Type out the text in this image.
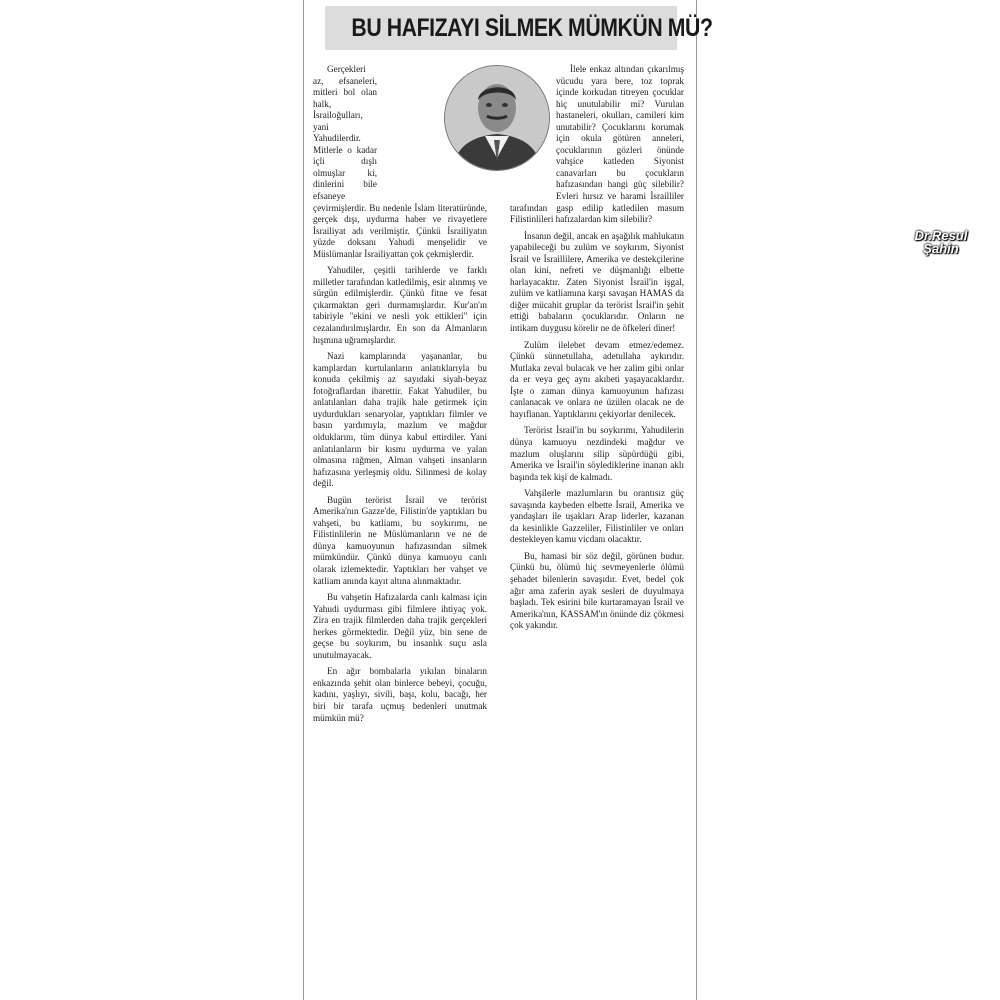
BU HAFIZAYI SİLMEK MÜMKÜN MÜ?

Gerçekleri az, efsaneleri, mitleri bol olan halk, İsrailoğulları, yani Yahudilerdir. Mitlerle o kadar içli dışlı olmuşlar ki, dinlerini bile efsaneye çevirmişlerdir. Bu nedenle İslam literatüründe, gerçek dışı, uydurma haber ve rivayetlere İsrailiyat adı verilmiştir. Çünkü İsrailiyatın yüzde doksanı Yahudi menşelidir ve Müslümanlar İsrailiyattan çok çekmişlerdir.

Yahudiler, çeşitli tarihlerde ve farklı milletler tarafından katledilmiş, esir alınmış ve sürgün edilmişlerdir. Çünkü fitne ve fesat çıkarmaktan geri durmamışlardır. Kur'an'ın tabiriyle "ekini ve nesli yok ettikleri" için cezalandırılmışlardır. En son da Almanların hışmına uğramışlardır.

Nazi kamplarında yaşananlar, bu kamplardan kurtulanların anlatıklarıyla bu konuda çekilmiş az sayıdaki siyah-beyaz fotoğraflardan ibarettir. Fakat Yahudiler, bu anlatılanları daha trajik hale getirmek için uydurdukları senaryolar, yaptıkları filmler ve basın yardımıyla, mazlum ve mağdur olduklarını, tüm dünya kabul ettirdiler. Yani anlatılanların bir kısmı uydurma ve yalan olmasına rağmen, Alman vahşeti insanların hafızasına yerleşmiş oldu. Silinmesi de kolay değil.

Bugün terörist İsrail ve terörist Amerika'nın Gazze'de, Filistin'de yaptıkları bu vahşeti, bu katliamı, bu soykırımı, ne Filistinlilerin ne Müslümanların ve ne de dünya kamuoyunun hafızasından silmek mümkündür. Çünkü dünya kamuoyu canlı olarak izlemektedir. Yaptıkları her vahşet ve katliam anında kayıt altına alınmaktadır.

Bu vahşetin Hafızalarda canlı kalması için Yahudi uydurması gibi filmlere ihtiyaç yok. Zira en trajik filmlerden daha trajik gerçekleri herkes görmektedir. Değil yüz, bin sene de geçse bu soykırım, bu insanlık suçu asla unutulmayacak.

En ağır bombalarla yıkılan binaların enkazında şehit olan binlerce bebeyi, çocuğu, kadını, yaşlıyı, sivili, başı, kolu, bacağı, her biri bir tarafa uçmuş bedenleri unutmak mümkün mü?

İlele enkaz altından çıkarılmış vücudu yara bere, toz toprak içinde korkudan titreyen çocuklar hiç unutulabilir mi? Vurulan hastaneleri, okulları, camileri kim unutabilir? Çocuklarını korumak için okula götüren anneleri, çocuklarının gözleri önünde vahşice katleden Siyonist canavarları bu çocukların hafızasından hangi güç silebilir? Evleri hırsız ve harami İsrailliler tarafından gasp edilip katledilen masum Filistinlileri hafızalardan kim silebilir?

İnsanın değil, ancak en aşağılık mahlukatın yapabileceği bu zulüm ve soykırım, Siyonist İsrail ve İsraillilere, Amerika ve destekçilerine olan kini, nefreti ve düşmanlığı elbette harlayacaktır. Zaten Siyonist İsrail'in işgal, zulüm ve katliamına karşı savaşan HAMAS da diğer mücahit gruplar da terörist İsrail'in şehit ettiği babaların çocuklarıdır. Onların ne intikam duygusu körelir ne de öfkeleri diner!

Zulüm ilelebet devam etmez/edemez. Çünkü sünnetullaha, adetullaha aykırıdır. Mutlaka zeval bulacak ve her zalim gibi onlar da er veya geç aynı akıbeti yaşayacaklardır. İşte o zaman dünya kamuoyunun hafızası canlanacak ve onlara ne üzülen olacak ne de hayıflanan. Yaptıklarını çekiyorlar denilecek.

Terörist İsrail'in bu soykırımı, Yahudilerin dünya kamuoyu nezdindeki mağdur ve mazlum oluşlarını silip süpürdüğü gibi, Amerika ve İsrail'in söylediklerine inanan aklı başında tek kişi de kalmadı.

Vahşilerle mazlumların bu orantısız güç savaşında kaybeden elbette İsrail, Amerika ve yandaşları ile uşakları Arap liderler, kazanan da kesinlikle Gazzeliler, Filistinliler ve onları destekleyen kamu vicdanı olacaktır.

Bu, hamasi bir söz değil, görünen budur. Çünkü bu, ölümü hiç sevmeyenlerle ölümü şehadet bilenlerin savaşıdır. Evet, bedel çok ağır ama zaferin ayak sesleri de duyulmaya başladı. Tek esirini bile kurtaramayan İsrail ve Amerika'nın, KASSAM'ın önünde diz çökmesi çok yakındır.

Dr.Resul
Şahin
